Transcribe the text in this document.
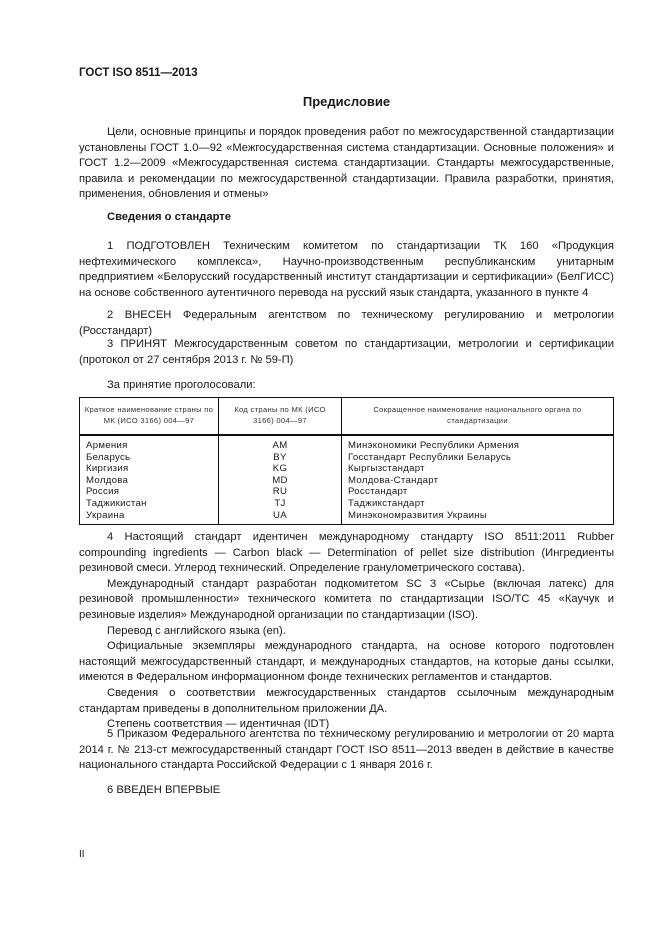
ГОСТ ISO 8511—2013
Предисловие

Цели, основные принципы и порядок проведения работ по межгосударственной стандартизации установлены ГОСТ 1.0—92 «Межгосударственная система стандартизации. Основные положения» и ГОСТ 1.2—2009 «Межгосударственная система стандартизации. Стандарты межгосударственные, правила и рекомендации по межгосударственной стандартизации. Правила разработки, принятия, применения, обновления и отмены»

Сведения о стандарте

1 ПОДГОТОВЛЕН Техническим комитетом по стандартизации ТК 160 «Продукция нефтехимического комплекса», Научно-производственным республиканским унитарным предприятием «Белорусский государственный институт стандартизации и сертификации» (БелГИСС) на основе собственного аутентичного перевода на русский язык стандарта, указанного в пункте 4

2 ВНЕСЕН Федеральным агентством по техническому регулированию и метрологии (Росстандарт)

3 ПРИНЯТ Межгосударственным советом по стандартизации, метрологии и сертификации (протокол от 27 сентября 2013 г. № 59-П)

За принятие проголосовали:
Краткое наименование страны по МК (ИСО 3166) 004—97	Код страны по МК (ИСО 3166) 004—97	Сокращенное наименование национального органа по стандартизации
Армения	AM	Минэкономики Республики Армения
Беларусь	BY	Госстандарт Республики Беларусь
Киргизия	KG	Кыргызстандарт
Молдова	MD	Молдова-Стандарт
Россия	RU	Росстандарт
Таджикистан	TJ	Таджикстандарт
Украина	UA	Минэкономразвития Украины

4 Настоящий стандарт идентичен международному стандарту ISO 8511:2011 Rubber compounding ingredients — Carbon black — Determination of pellet size distribution (Ингредиенты резиновой смеси. Углерод технический. Определение гранулометрического состава).

Международный стандарт разработан подкомитетом SC 3 «Сырье (включая латекс) для резиновой промышленности» технического комитета по стандартизации ISO/TC 45 «Каучук и резиновые изделия» Международной организации по стандартизации (ISO).

Перевод с английского языка (en).

Официальные экземпляры международного стандарта, на основе которого подготовлен настоящий межгосударственный стандарт, и международных стандартов, на которые даны ссылки, имеются в Федеральном информационном фонде технических регламентов и стандартов.

Сведения о соответствии межгосударственных стандартов ссылочным международным стандартам приведены в дополнительном приложении ДА.

Степень соответствия — идентичная (IDT)

5 Приказом Федерального агентства по техническому регулированию и метрологии от 20 марта 2014 г. № 213-ст межгосударственный стандарт ГОСТ ISO 8511—2013 введен в действие в качестве национального стандарта Российской Федерации с 1 января 2016 г.

6 ВВЕДЕН ВПЕРВЫЕ

II
